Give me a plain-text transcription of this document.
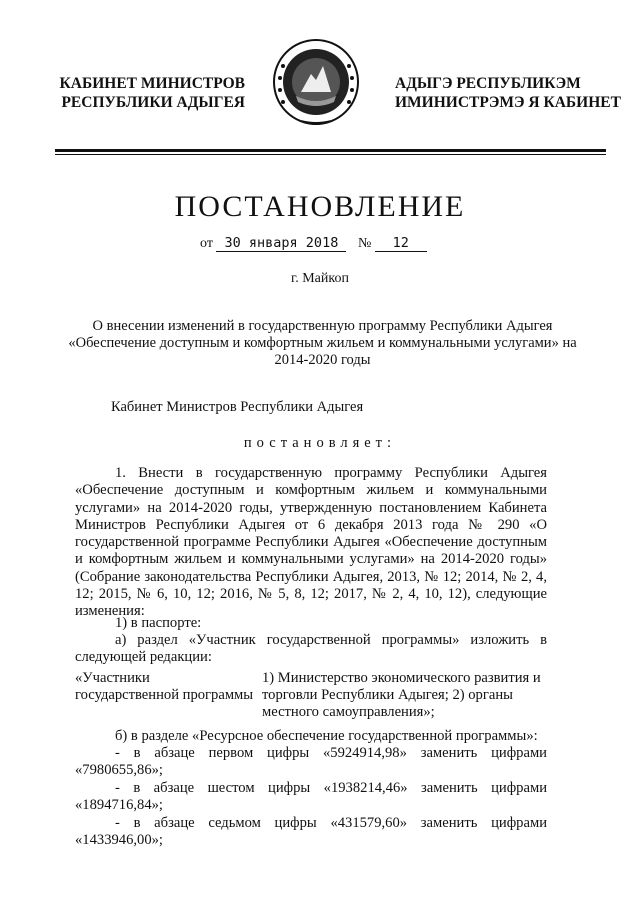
КАБИНЕТ МИНИСТРОВ
РЕСПУБЛИКИ АДЫГЕЯ
АДЫГЭ РЕСПУБЛИКЭМ
ИМИНИСТРЭМЭ Я КАБИНЕТ
ПОСТАНОВЛЕНИЕ
от 30 января 2018 № 12
г. Майкоп
О внесении изменений в государственную программу Республики Адыгея «Обеспечение доступным и комфортным жильем и коммунальными услугами» на 2014-2020 годы
Кабинет Министров Республики Адыгея
постановляет:
1. Внести в государственную программу Республики Адыгея «Обеспечение доступным и комфортным жильем и коммунальными услугами» на 2014-2020 годы, утвержденную постановлением Кабинета Министров Республики Адыгея от 6 декабря 2013 года № 290 «О государственной программе Республики Адыгея «Обеспечение доступным и комфортным жильем и коммунальными услугами» на 2014-2020 годы» (Собрание законодательства Республики Адыгея, 2013, № 12; 2014, № 2, 4, 12; 2015, № 6, 10, 12; 2016, № 5, 8, 12; 2017, № 2, 4, 10, 12), следующие изменения:
1) в паспорте:
а) раздел «Участник государственной программы» изложить в следующей редакции:
«Участники государственной программы
1) Министерство экономического развития и торговли Республики Адыгея; 2) органы местного самоуправления»;
б) в разделе «Ресурсное обеспечение государственной программы»:
- в абзаце первом цифры «5924914,98» заменить цифрами «7980655,86»;
- в абзаце шестом цифры «1938214,46» заменить цифрами «1894716,84»;
- в абзаце седьмом цифры «431579,60» заменить цифрами «1433946,00»;
